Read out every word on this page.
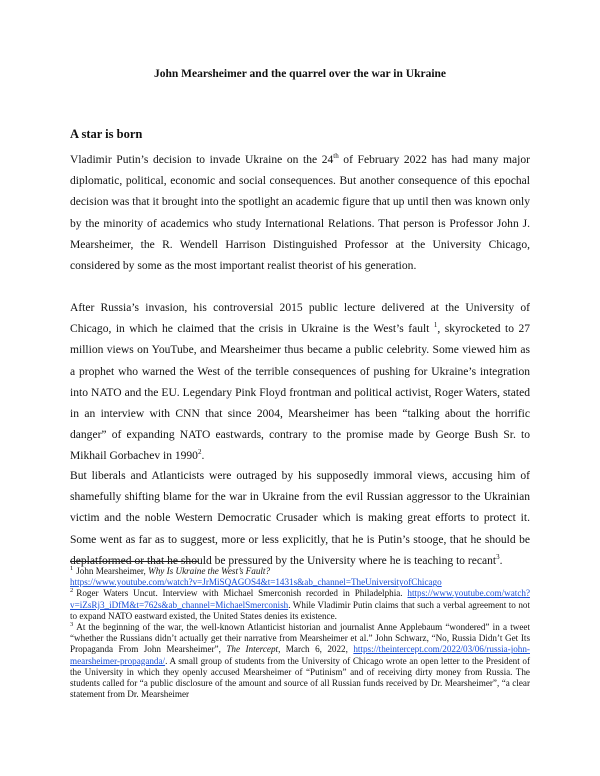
John Mearsheimer and the quarrel over the war in Ukraine
A star is born

Vladimir Putin’s decision to invade Ukraine on the 24th of February 2022 has had many major diplomatic, political, economic and social consequences. But another consequence of this epochal decision was that it brought into the spotlight an academic figure that up until then was known only by the minority of academics who study International Relations. That person is Professor John J. Mearsheimer, the R. Wendell Harrison Distinguished Professor at the University Chicago, considered by some as the most important realist theorist of his generation.

After Russia’s invasion, his controversial 2015 public lecture delivered at the University of Chicago, in which he claimed that the crisis in Ukraine is the West’s fault $^1$, skyrocketed to 27 million views on YouTube, and Mearsheimer thus became a public celebrity. Some viewed him as a prophet who warned the West of the terrible consequences of pushing for Ukraine’s integration into NATO and the EU. Legendary Pink Floyd frontman and political activist, Roger Waters, stated in an interview with CNN that since 2004, Mearsheimer has been “talking about the horrific danger” of expanding NATO eastwards, contrary to the promise made by George Bush Sr. to Mikhail Gorbachev in 1990$^2$.

But liberals and Atlanticists were outraged by his supposedly immoral views, accusing him of shamefully shifting blame for the war in Ukraine from the evil Russian aggressor to the Ukrainian victim and the noble Western Democratic Crusader which is making great efforts to protect it. Some went as far as to suggest, more or less explicitly, that he is Putin’s stooge, that he should be deplatformed or that he should be pressured by the University where he is teaching to recant$^3$.

$^1$ John Mearsheimer, Why Is Ukraine the West’s Fault?
https://www.youtube.com/watch?v=JrMiSQAGOS4&t=1431s&ab_channel=TheUniversityofChicago

$^2$ Roger Waters Uncut. Interview with Michael Smerconish recorded in Philadelphia. https://www.youtube.com/watch?v=iZsRj3_iDfM&t=762s&ab_channel=MichaelSmerconish. While Vladimir Putin claims that such a verbal agreement to not to expand NATO eastward existed, the United States denies its existence.

$^3$ At the beginning of the war, the well-known Atlanticist historian and journalist Anne Applebaum “wondered” in a tweet “whether the Russians didn’t actually get their narrative from Mearsheimer et al.” John Schwarz, “No, Russia Didn’t Get Its Propaganda From John Mearsheimer”, The Intercept, March 6, 2022, https://theintercept.com/2022/03/06/russia-john-mearsheimer-propaganda/. A small group of students from the University of Chicago wrote an open letter to the President of the University in which they openly accused Mearsheimer of “Putinism” and of receiving dirty money from Russia. The students called for “a public disclosure of the amount and source of all Russian funds received by Dr. Mearsheimer”, “a clear statement from Dr. Mearsheimer
